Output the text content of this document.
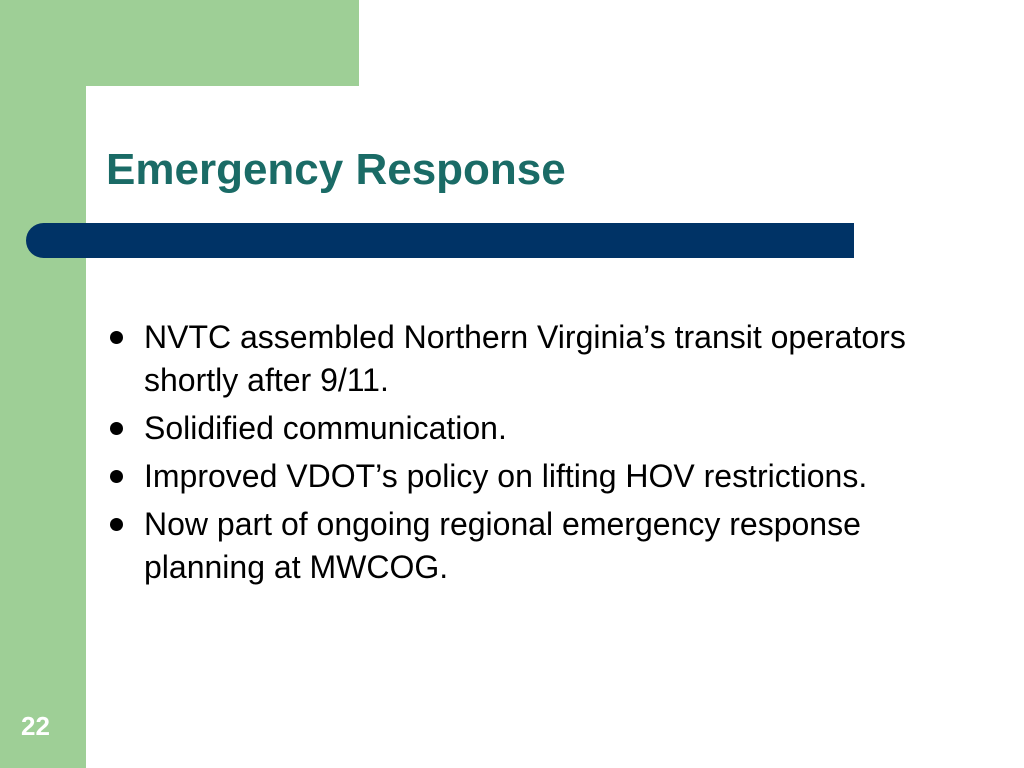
Emergency Response
NVTC assembled Northern Virginia’s transit operators shortly after 9/11.
Solidified communication.
Improved VDOT’s policy on lifting HOV restrictions.
Now part of ongoing regional emergency response planning at MWCOG.
22
